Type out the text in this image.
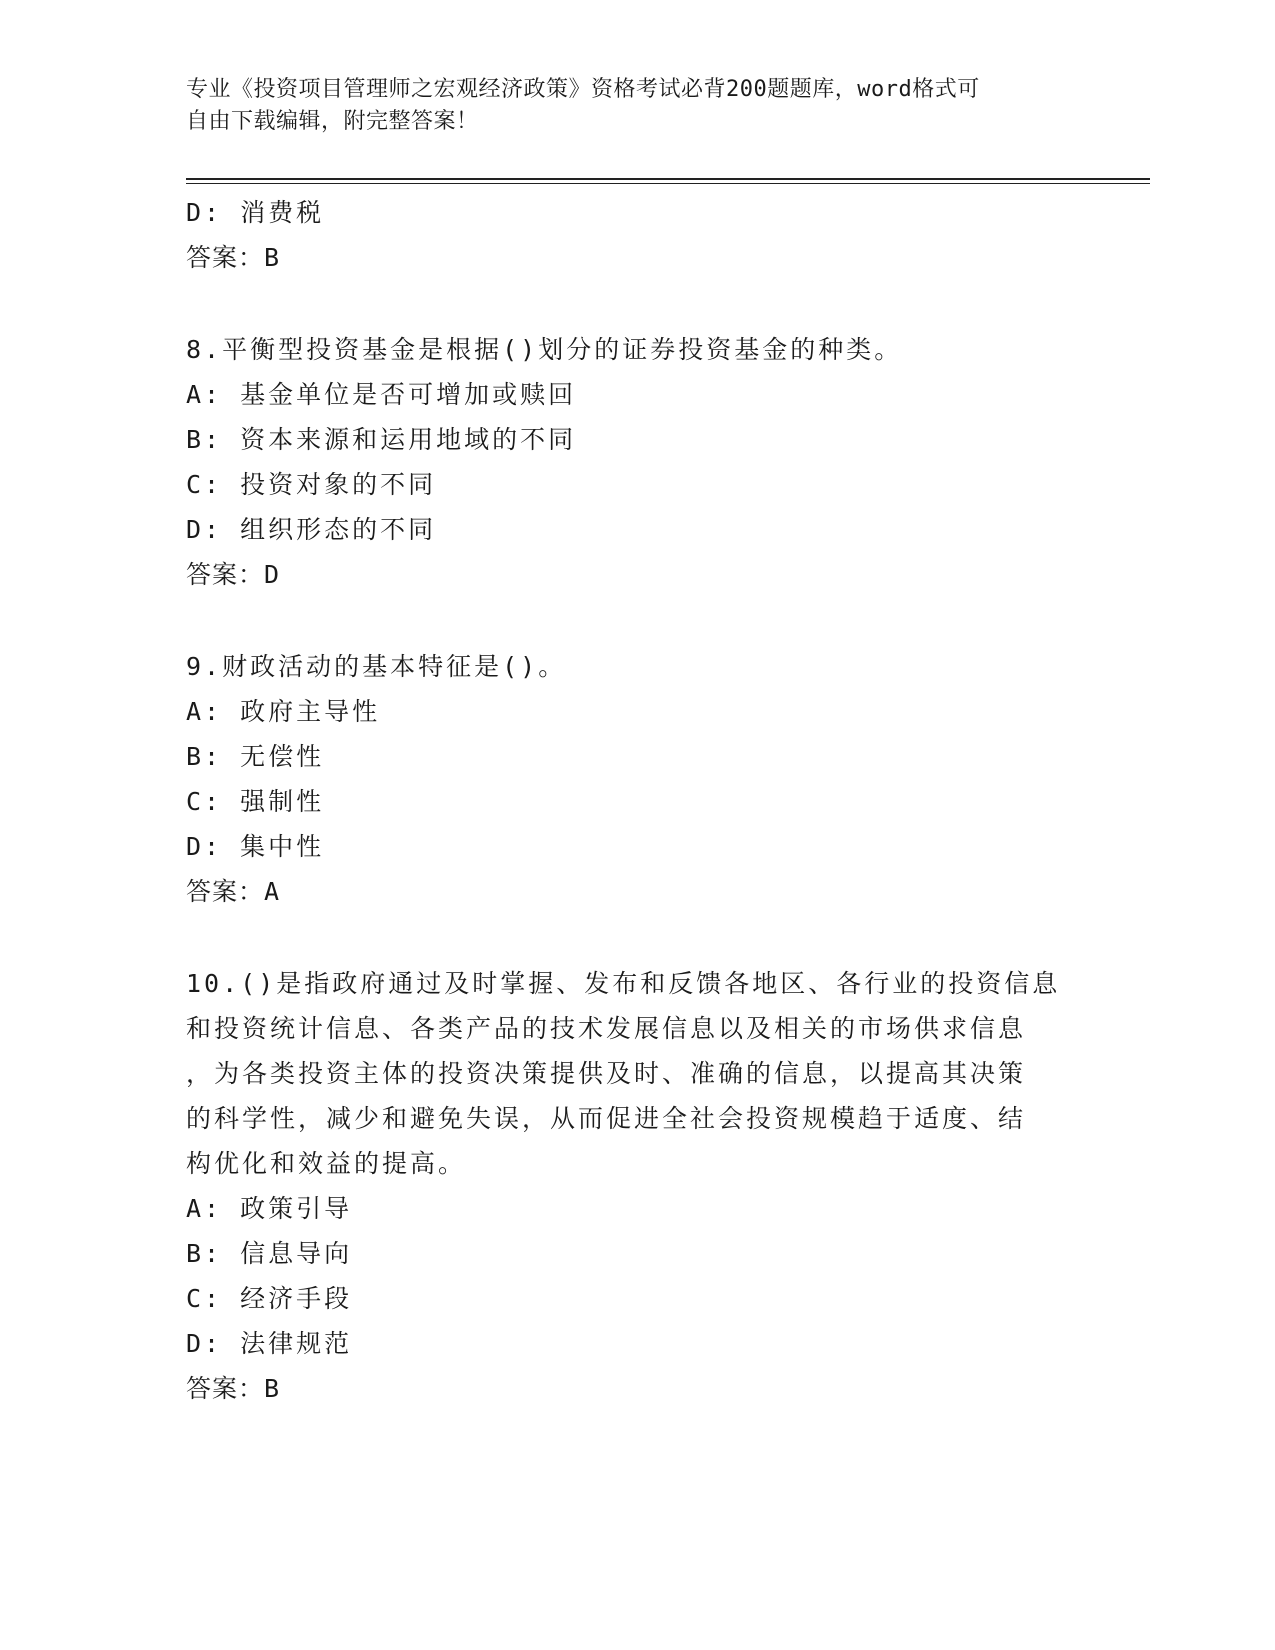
专业《投资项目管理师之宏观经济政策》资格考试必背200题题库，word格式可
自由下载编辑，附完整答案！
D: 消费税
答案：B
8.平衡型投资基金是根据()划分的证券投资基金的种类。
A: 基金单位是否可增加或赎回
B: 资本来源和运用地域的不同
C: 投资对象的不同
D: 组织形态的不同
答案：D
9.财政活动的基本特征是()。
A: 政府主导性
B: 无偿性
C: 强制性
D: 集中性
答案：A
10.()是指政府通过及时掌握、发布和反馈各地区、各行业的投资信息
和投资统计信息、各类产品的技术发展信息以及相关的市场供求信息
，为各类投资主体的投资决策提供及时、准确的信息，以提高其决策
的科学性，减少和避免失误，从而促进全社会投资规模趋于适度、结
构优化和效益的提高。
A: 政策引导
B: 信息导向
C: 经济手段
D: 法律规范
答案：B
